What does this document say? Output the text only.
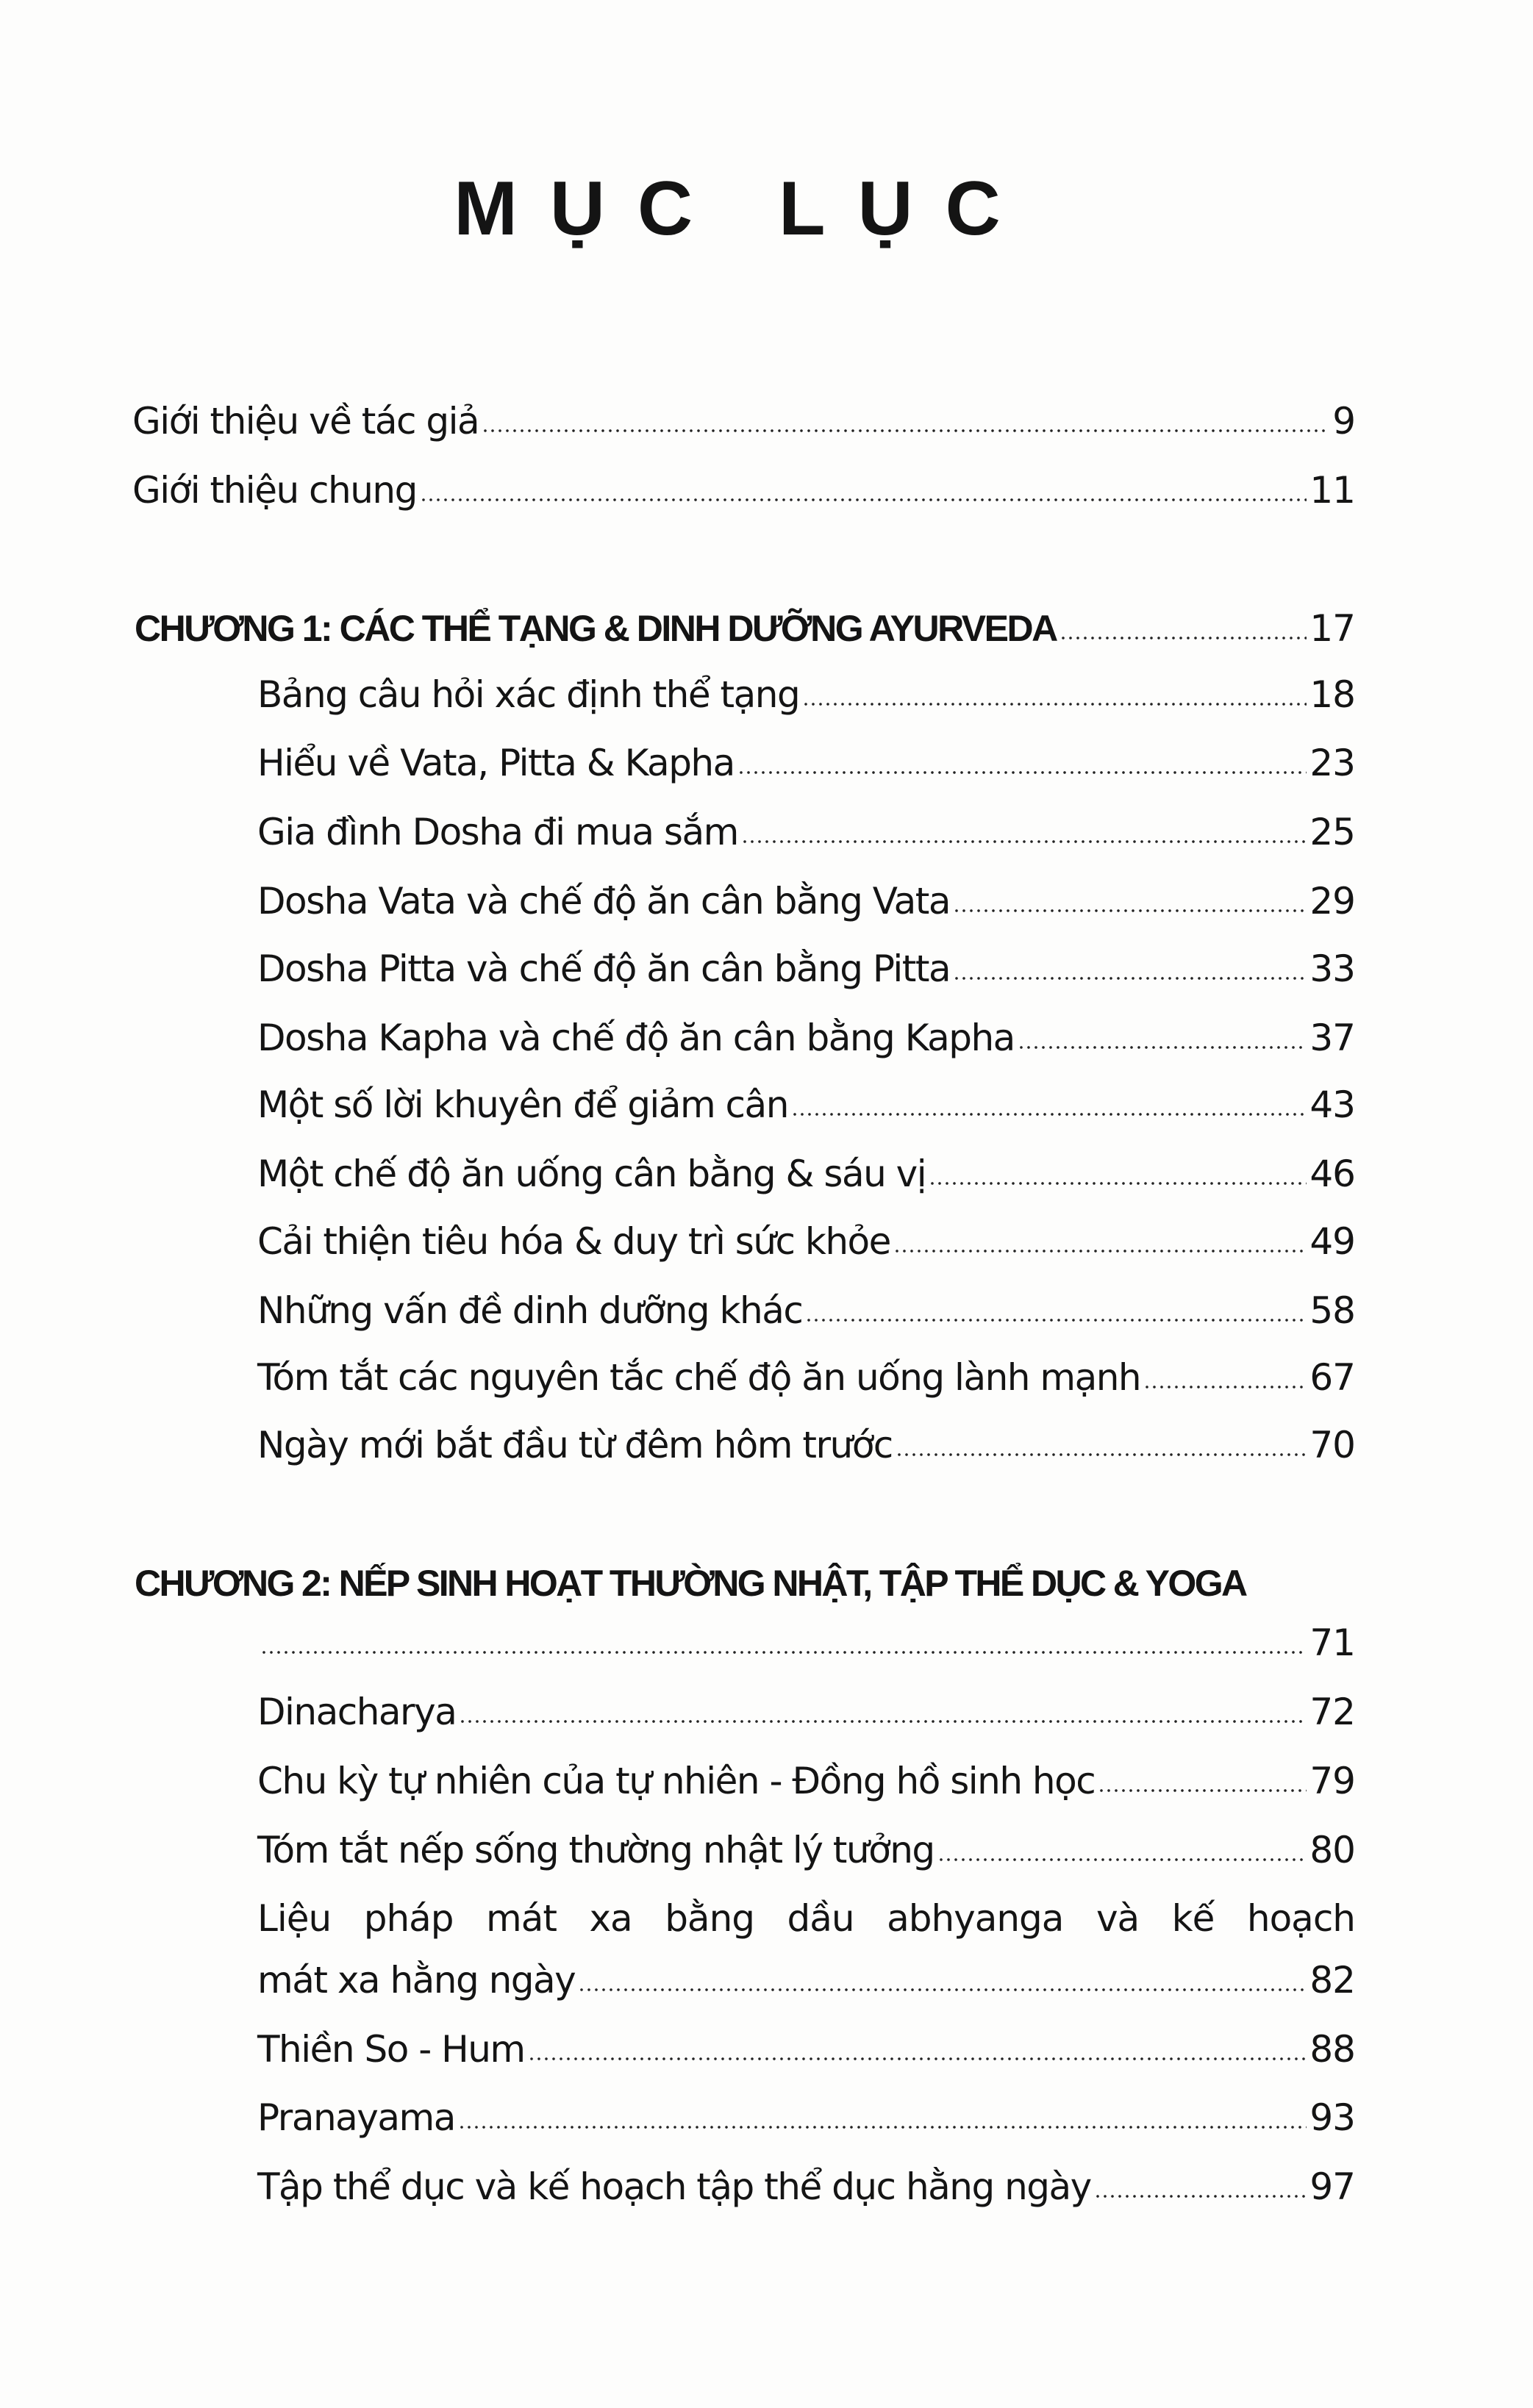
MỤC LỤC
Giới thiệu về tác giả	9
Giới thiệu chung	11
CHƯƠNG 1: CÁC THỂ TẠNG & DINH DƯỠNG AYURVEDA	17
Bảng câu hỏi xác định thể tạng	18
Hiểu về Vata, Pitta & Kapha	23
Gia đình Dosha đi mua sắm	25
Dosha Vata và chế độ ăn cân bằng Vata	29
Dosha Pitta và chế độ ăn cân bằng Pitta	33
Dosha Kapha và chế độ ăn cân bằng Kapha	37
Một số lời khuyên để giảm cân	43
Một chế độ ăn uống cân bằng & sáu vị	46
Cải thiện tiêu hóa & duy trì sức khỏe	49
Những vấn đề dinh dưỡng khác	58
Tóm tắt các nguyên tắc chế độ ăn uống lành mạnh	67
Ngày mới bắt đầu từ đêm hôm trước	70
CHƯƠNG 2: NẾP SINH HOẠT THƯỜNG NHẬT, TẬP THỂ DỤC & YOGA
71
Dinacharya	72
Chu kỳ tự nhiên của tự nhiên - Đồng hồ sinh học	79
Tóm tắt nếp sống thường nhật lý tưởng	80
Liệu pháp mát xa bằng dầu abhyanga và kế hoạch
mát xa hằng ngày	82
Thiền So - Hum	88
Pranayama	93
Tập thể dục và kế hoạch tập thể dục hằng ngày	97
